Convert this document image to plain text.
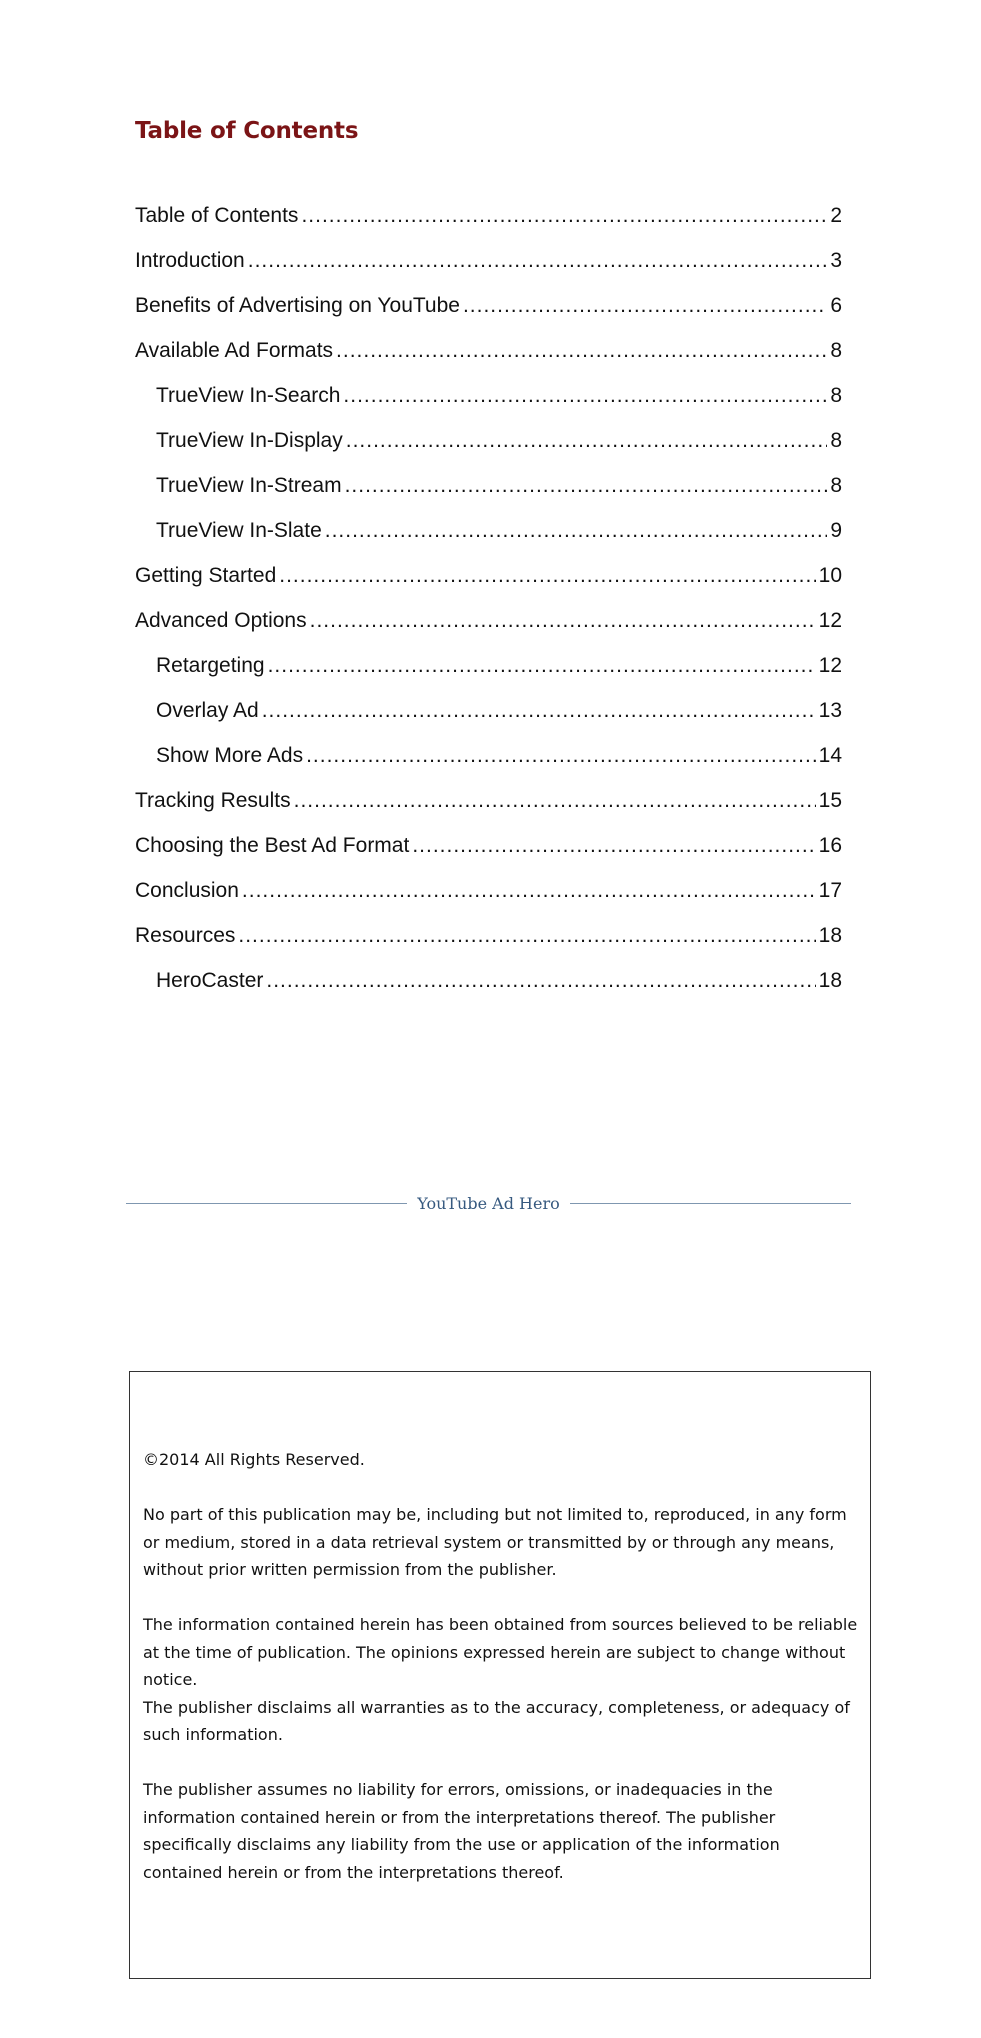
Table of Contents
Table of Contents .....	2
Introduction .....	3
Benefits of Advertising on YouTube .....	6
Available Ad Formats .....	8
TrueView In-Search .....	8
TrueView In-Display .....	8
TrueView In-Stream .....	8
TrueView In-Slate .....	9
Getting Started .....	10
Advanced Options .....	12
Retargeting .....	12
Overlay Ad .....	13
Show More Ads .....	14
Tracking Results .....	15
Choosing the Best Ad Format .....	16
Conclusion .....	17
Resources .....	18
HeroCaster .....	18
YouTube Ad Hero

©2014 All Rights Reserved.

No part of this publication may be, including but not limited to, reproduced, in any form or medium, stored in a data retrieval system or transmitted by or through any means, without prior written permission from the publisher.

The information contained herein has been obtained from sources believed to be reliable at the time of publication. The opinions expressed herein are subject to change without notice.

The publisher disclaims all warranties as to the accuracy, completeness, or adequacy of such information.

The publisher assumes no liability for errors, omissions, or inadequacies in the information contained herein or from the interpretations thereof. The publisher specifically disclaims any liability from the use or application of the information contained herein or from the interpretations thereof.
